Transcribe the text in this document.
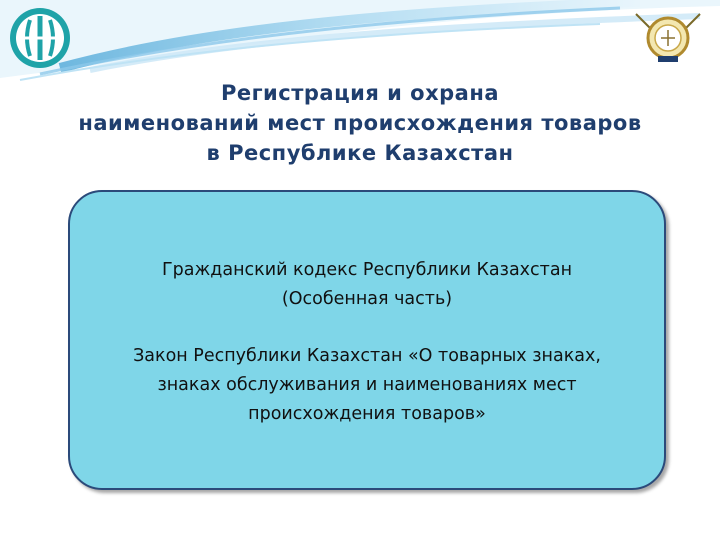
Регистрация и охрана
наименований мест происхождения товаров
в Республике Казахстан

Гражданский кодекс Республики Казахстан
(Особенная часть)

Закон Республики Казахстан «О товарных знаках,
знаках обслуживания и наименованиях мест
происхождения товаров»
